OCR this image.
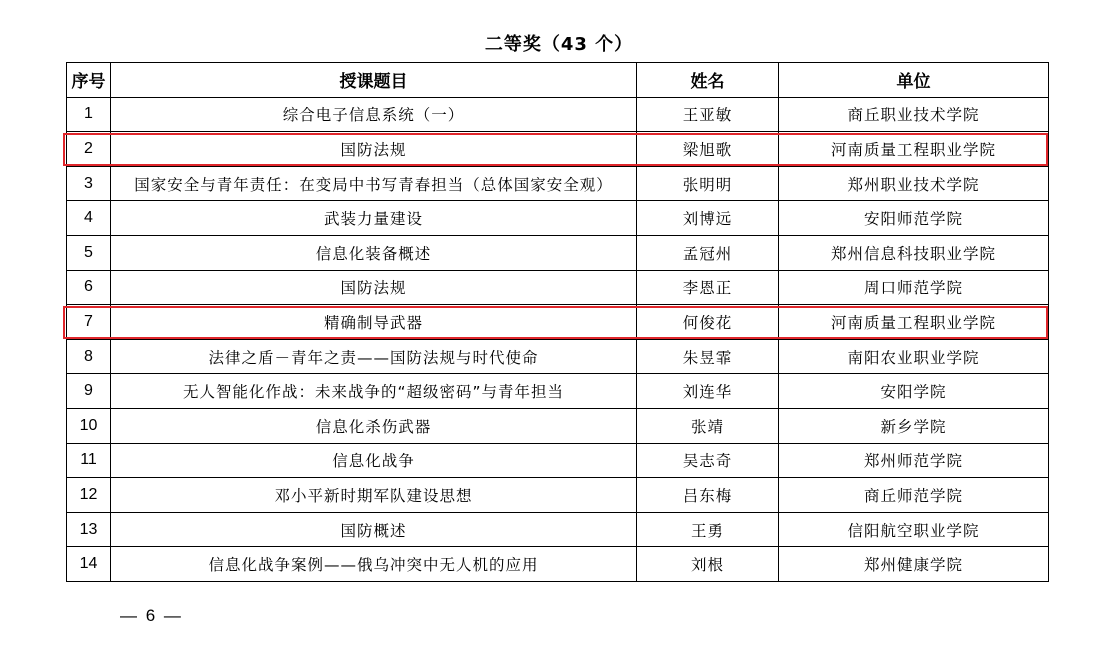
二等奖（43 个）
序号	授课题目	姓名	单位
1	综合电子信息系统（一）	王亚敏	商丘职业技术学院
2	国防法规	梁旭歌	河南质量工程职业学院
3	国家安全与青年责任：在变局中书写青春担当（总体国家安全观）	张明明	郑州职业技术学院
4	武装力量建设	刘博远	安阳师范学院
5	信息化装备概述	孟冠州	郑州信息科技职业学院
6	国防法规	李恩正	周口师范学院
7	精确制导武器	何俊花	河南质量工程职业学院
8	法律之盾－青年之责——国防法规与时代使命	朱昱霏	南阳农业职业学院
9	无人智能化作战：未来战争的“超级密码”与青年担当	刘连华	安阳学院
10	信息化杀伤武器	张靖	新乡学院
11	信息化战争	吴志奇	郑州师范学院
12	邓小平新时期军队建设思想	吕东梅	商丘师范学院
13	国防概述	王勇	信阳航空职业学院
14	信息化战争案例——俄乌冲突中无人机的应用	刘根	郑州健康学院
— 6 —
